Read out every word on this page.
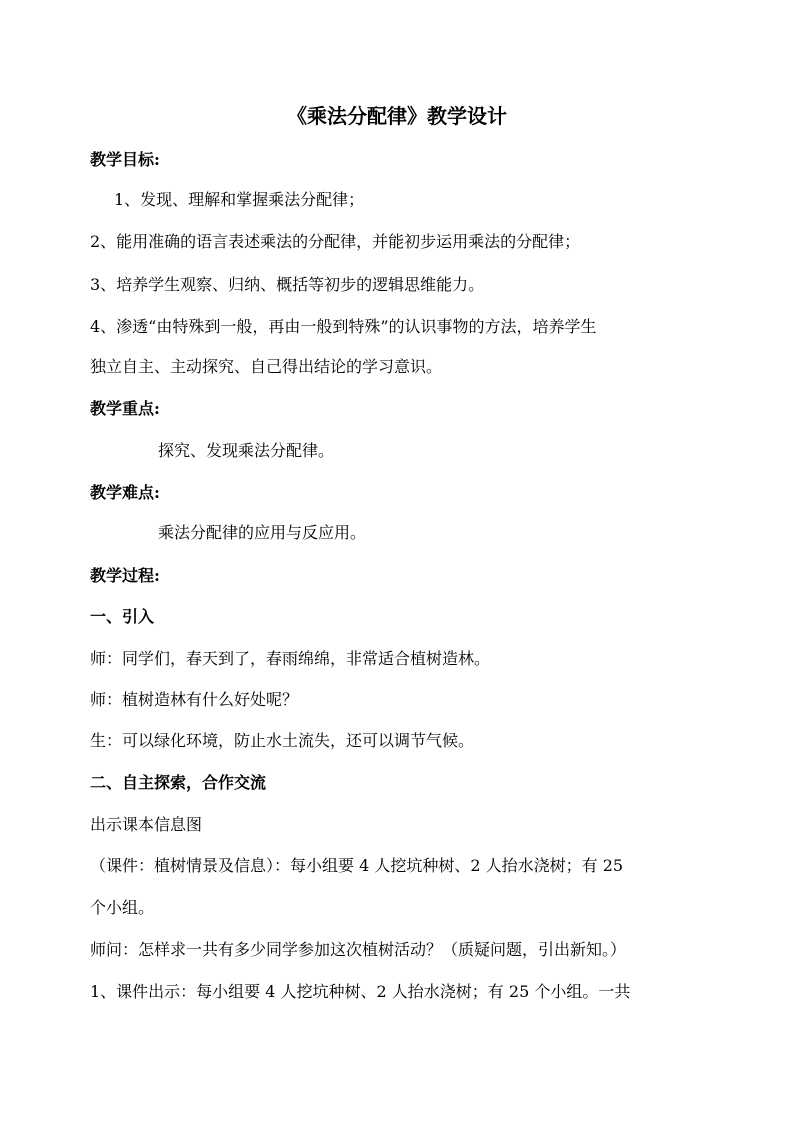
《乘法分配律》教学设计
教学目标:
1、发现、理解和掌握乘法分配律；
2、能用准确的语言表述乘法的分配律，并能初步运用乘法的分配律；
3、培养学生观察、归纳、概括等初步的逻辑思维能力。
4、渗透“由特殊到一般，再由一般到特殊”的认识事物的方法，培养学生
独立自主、主动探究、自己得出结论的学习意识。
教学重点:
探究、发现乘法分配律。
教学难点:
乘法分配律的应用与反应用。
教学过程:
一、引入
师：同学们，春天到了，春雨绵绵，非常适合植树造林。
师：植树造林有什么好处呢？
生：可以绿化环境，防止水土流失，还可以调节气候。
二、自主探索，合作交流
出示课本信息图
（课件：植树情景及信息）：每小组要 4 人挖坑种树、2 人抬水浇树；有 25
个小组。
师问：怎样求一共有多少同学参加这次植树活动？（质疑问题，引出新知。）
1、课件出示：每小组要 4 人挖坑种树、2 人抬水浇树；有 25 个小组。一共
